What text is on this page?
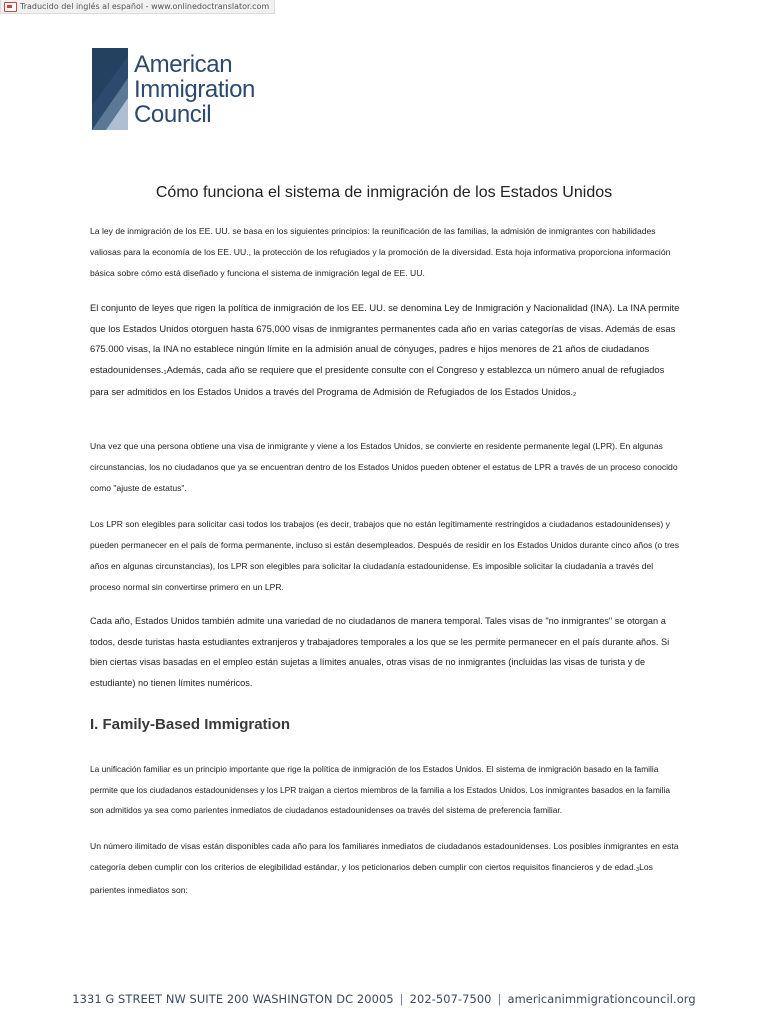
Traducido del inglés al español - www.onlinedoctranslator.com
American
Immigration
Council
Cómo funciona el sistema de inmigración de los Estados Unidos

La ley de inmigración de los EE. UU. se basa en los siguientes principios: la reunificación de las familias, la admisión de inmigrantes con habilidades valiosas para la economía de los EE. UU., la protección de los refugiados y la promoción de la diversidad. Esta hoja informativa proporciona información básica sobre cómo está diseñado y funciona el sistema de inmigración legal de EE. UU.

El conjunto de leyes que rigen la política de inmigración de los EE. UU. se denomina Ley de Inmigración y Nacionalidad (INA). La INA permite que los Estados Unidos otorguen hasta 675,000 visas de inmigrantes permanentes cada año en varias categorías de visas. Además de esas 675.000 visas, la INA no establece ningún límite en la admisión anual de cónyuges, padres e hijos menores de 21 años de ciudadanos estadounidenses.$^1$Además, cada año se requiere que el presidente consulte con el Congreso y establezca un número anual de refugiados para ser admitidos en los Estados Unidos a través del Programa de Admisión de Refugiados de los Estados Unidos.$^2$

Una vez que una persona obtiene una visa de inmigrante y viene a los Estados Unidos, se convierte en residente permanente legal (LPR). En algunas circunstancias, los no ciudadanos que ya se encuentran dentro de los Estados Unidos pueden obtener el estatus de LPR a través de un proceso conocido como "ajuste de estatus".

Los LPR son elegibles para solicitar casi todos los trabajos (es decir, trabajos que no están legítimamente restringidos a ciudadanos estadounidenses) y pueden permanecer en el país de forma permanente, incluso si están desempleados. Después de residir en los Estados Unidos durante cinco años (o tres años en algunas circunstancias), los LPR son elegibles para solicitar la ciudadanía estadounidense. Es imposible solicitar la ciudadanía a través del proceso normal sin convertirse primero en un LPR.

Cada año, Estados Unidos también admite una variedad de no ciudadanos de manera temporal. Tales visas de "no inmigrantes" se otorgan a todos, desde turistas hasta estudiantes extranjeros y trabajadores temporales a los que se les permite permanecer en el país durante años. Si bien ciertas visas basadas en el empleo están sujetas a límites anuales, otras visas de no inmigrantes (incluidas las visas de turista y de estudiante) no tienen límites numéricos.

I. Family-Based Immigration

La unificación familiar es un principio importante que rige la política de inmigración de los Estados Unidos. El sistema de inmigración basado en la familia permite que los ciudadanos estadounidenses y los LPR traigan a ciertos miembros de la familia a los Estados Unidos. Los inmigrantes basados en la familia son admitidos ya sea como parientes inmediatos de ciudadanos estadounidenses oa través del sistema de preferencia familiar.

Un número ilimitado de visas están disponibles cada año para los familiares inmediatos de ciudadanos estadounidenses. Los posibles inmigrantes en esta categoría deben cumplir con los criterios de elegibilidad estándar, y los peticionarios deben cumplir con ciertos requisitos financieros y de edad.$^3$Los parientes inmediatos son:

1331 G STREET NW SUITE 200 WASHINGTON DC 20005 | 202-507-7500 | americanimmigrationcouncil.org
